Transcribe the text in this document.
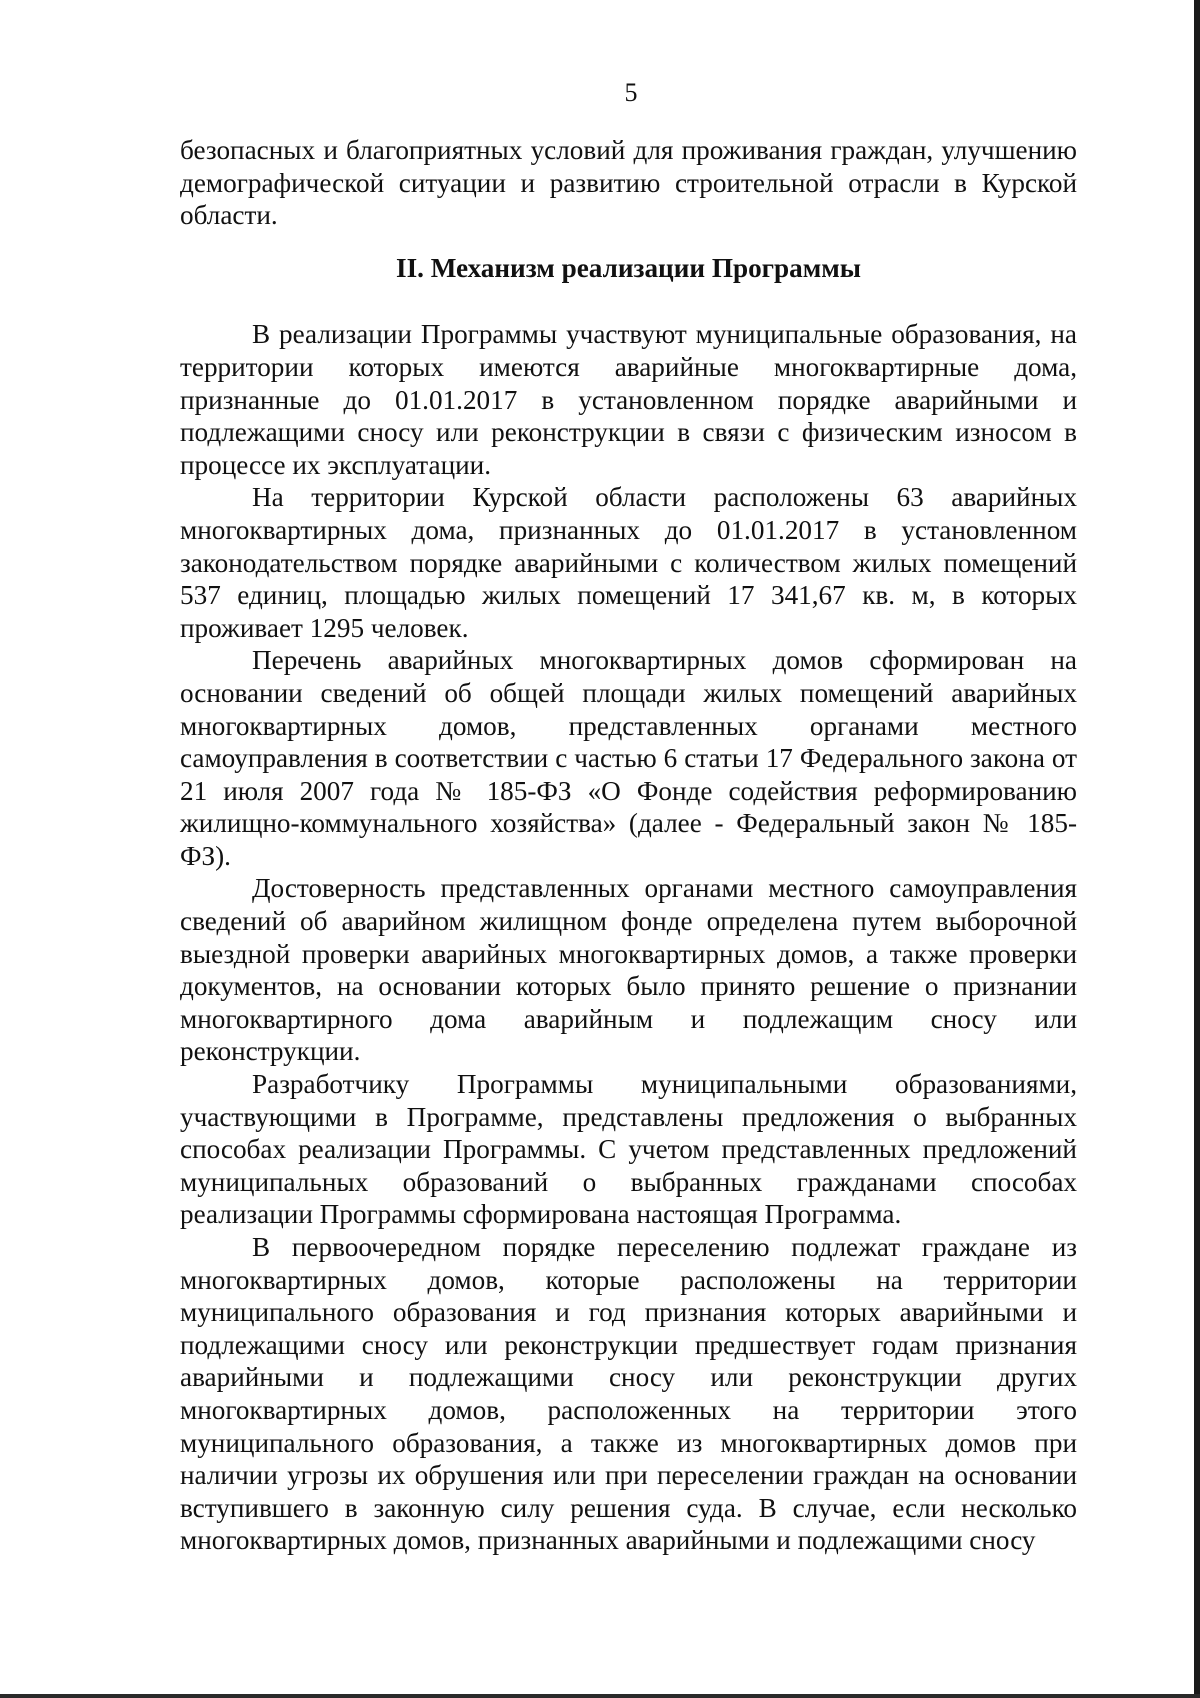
5

безопасных и благоприятных условий для проживания граждан, улучшению демографической ситуации и развитию строительной отрасли в Курской области.

II. Механизм реализации Программы

В реализации Программы участвуют муниципальные образования, на территории которых имеются аварийные многоквартирные дома, признанные до 01.01.2017 в установленном порядке аварийными и подлежащими сносу или реконструкции в связи с физическим износом в процессе их эксплуатации.

На территории Курской области расположены 63 аварийных многоквартирных дома, признанных до 01.01.2017 в установленном законодательством порядке аварийными с количеством жилых помещений 537 единиц, площадью жилых помещений 17 341,67 кв. м, в которых проживает 1295 человек.

Перечень аварийных многоквартирных домов сформирован на основании сведений об общей площади жилых помещений аварийных многоквартирных домов, представленных органами местного самоуправления в соответствии с частью 6 статьи 17 Федерального закона от 21 июля 2007 года № 185-ФЗ «О Фонде содействия реформированию жилищно-коммунального хозяйства» (далее - Федеральный закон № 185-ФЗ).

Достоверность представленных органами местного самоуправления сведений об аварийном жилищном фонде определена путем выборочной выездной проверки аварийных многоквартирных домов, а также проверки документов, на основании которых было принято решение о признании многоквартирного дома аварийным и подлежащим сносу или реконструкции.

Разработчику Программы муниципальными образованиями, участвующими в Программе, представлены предложения о выбранных способах реализации Программы. С учетом представленных предложений муниципальных образований о выбранных гражданами способах реализации Программы сформирована настоящая Программа.

В первоочередном порядке переселению подлежат граждане из многоквартирных домов, которые расположены на территории муниципального образования и год признания которых аварийными и подлежащими сносу или реконструкции предшествует годам признания аварийными и подлежащими сносу или реконструкции других многоквартирных домов, расположенных на территории этого муниципального образования, а также из многоквартирных домов при наличии угрозы их обрушения или при переселении граждан на основании вступившего в законную силу решения суда. В случае, если несколько многоквартирных домов, признанных аварийными и подлежащими сносу
